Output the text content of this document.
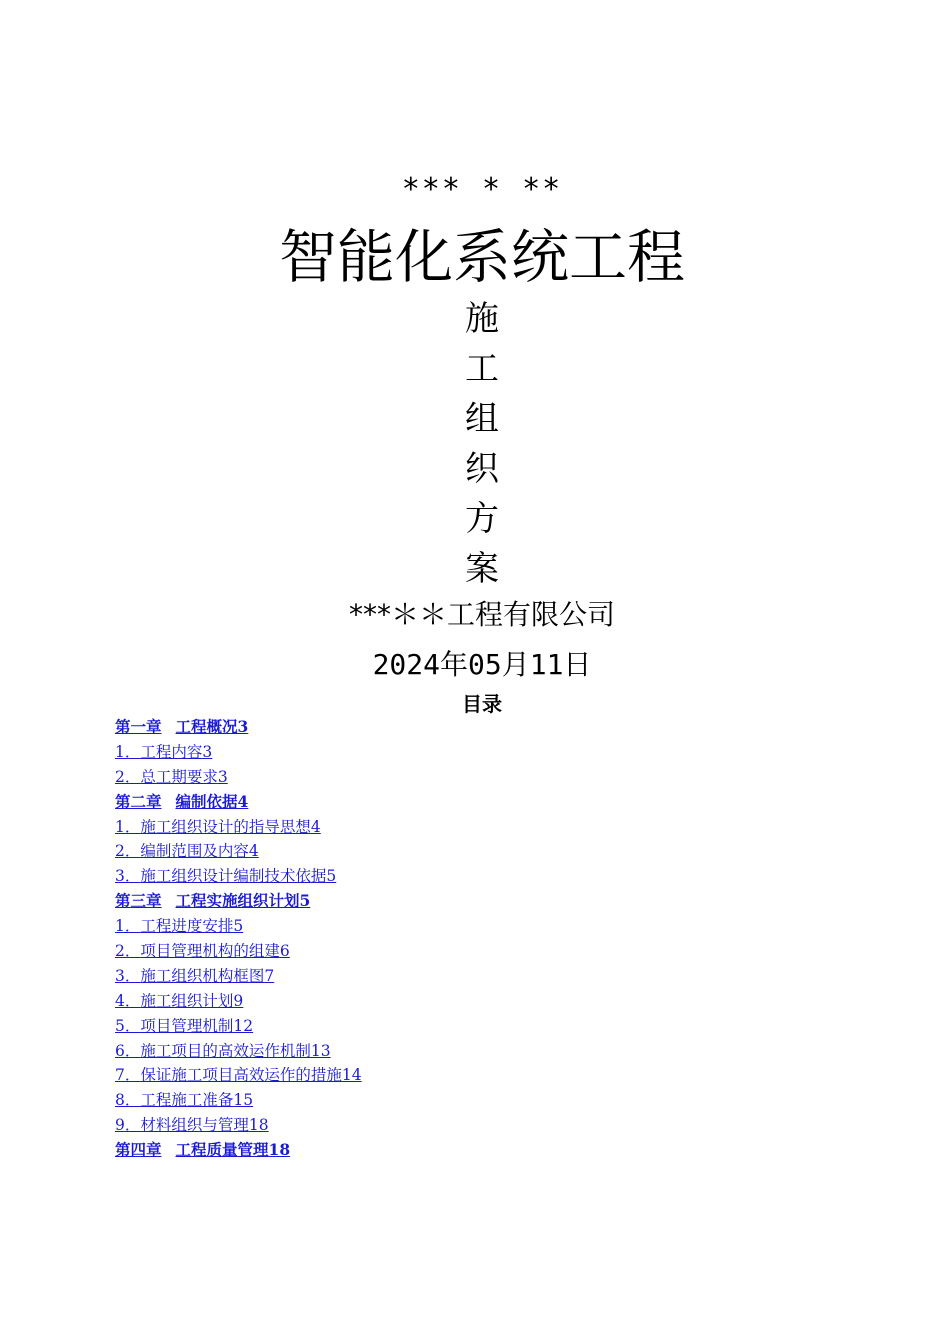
*** * **
智能化系统工程
施
工
组
织
方
案
***＊＊工程有限公司
2024年05月11日
目录
第一章 工程概况3
1．工程内容3
2．总工期要求3
第二章 编制依据4
1．施工组织设计的指导思想4
2．编制范围及内容4
3．施工组织设计编制技术依据5
第三章 工程实施组织计划5
1．工程进度安排5
2．项目管理机构的组建6
3．施工组织机构框图7
4．施工组织计划9
5．项目管理机制12
6．施工项目的高效运作机制13
7．保证施工项目高效运作的措施14
8．工程施工准备15
9．材料组织与管理18
第四章 工程质量管理18
